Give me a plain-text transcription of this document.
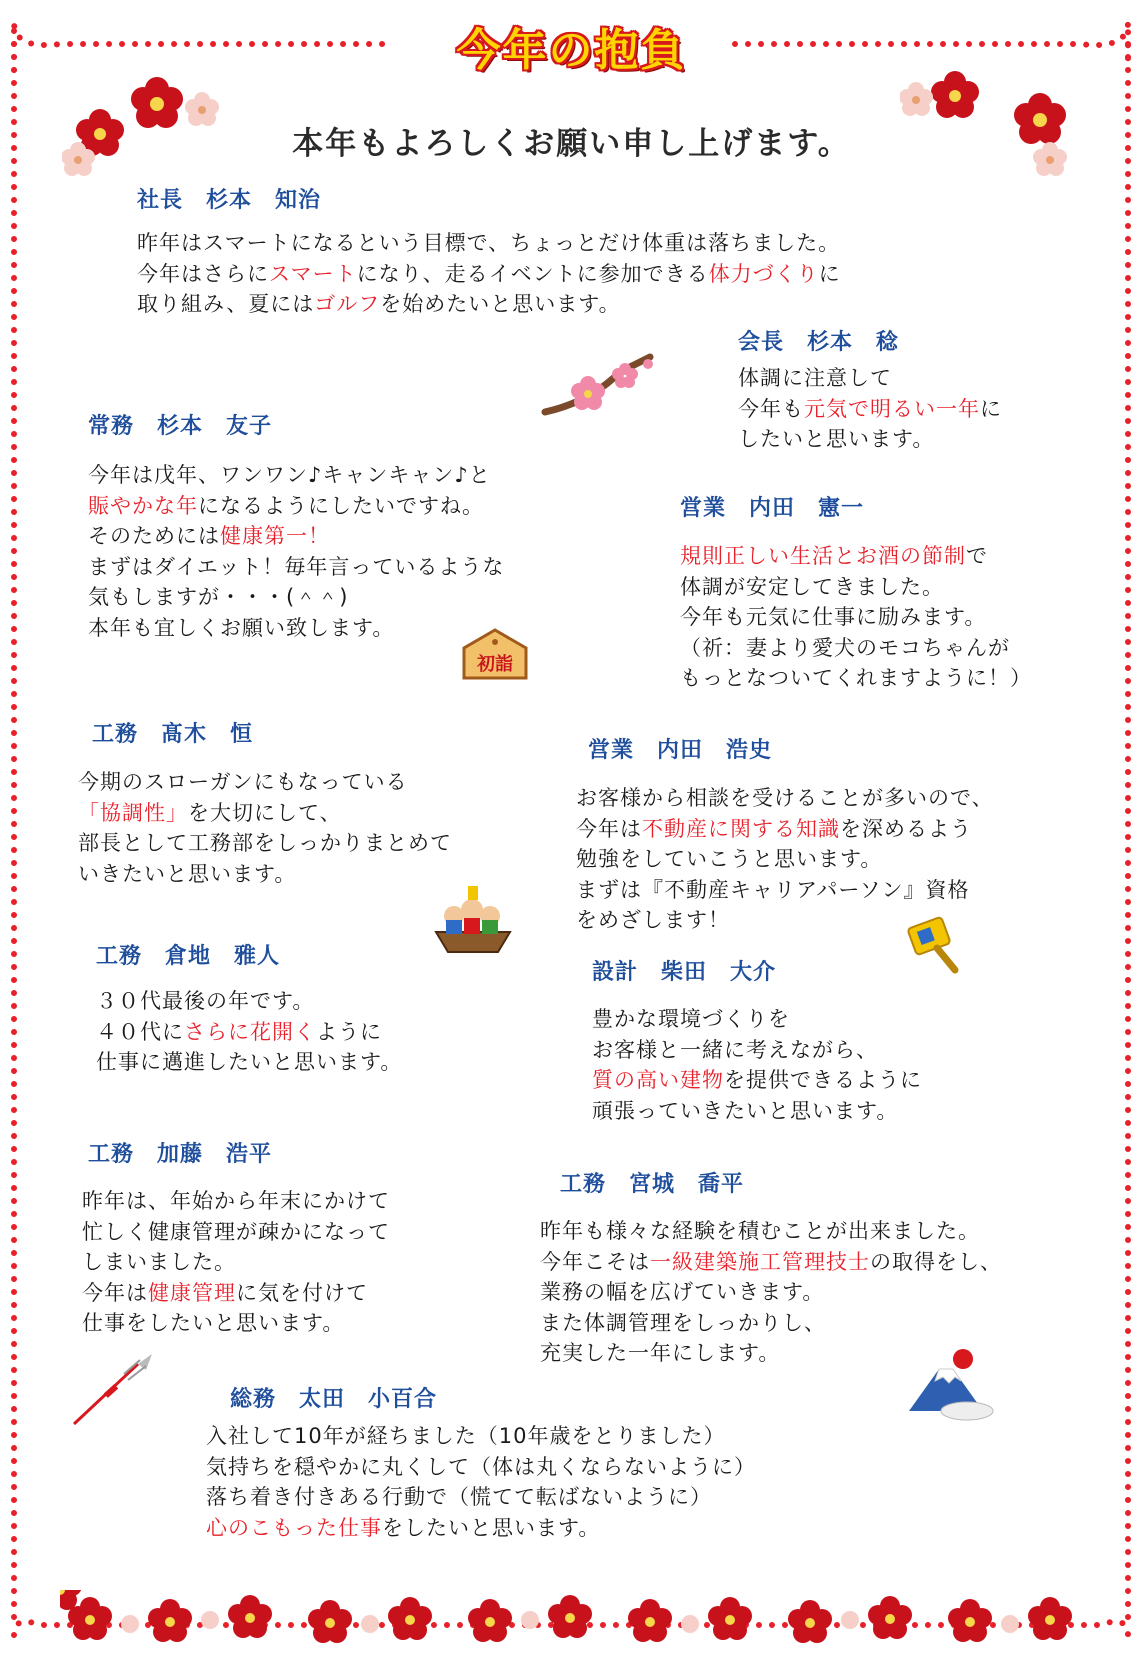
今年の抱負
本年もよろしくお願い申し上げます。
初詣
社長　杉本　知治
昨年はスマートになるという目標で、ちょっとだけ体重は落ちました。
今年はさらにスマートになり、走るイベントに参加できる体力づくりに
取り組み、夏にはゴルフを始めたいと思います。
会長　杉本　稔
体調に注意して
今年も元気で明るい一年に
したいと思います。
常務　杉本　友子
今年は戊年、ワンワン♪キャンキャン♪と
賑やかな年になるようにしたいですね。
そのためには健康第一！
まずはダイエット！毎年言っているような
気もしますが・・・(＾＾)
本年も宜しくお願い致します。
営業　内田　憲一
規則正しい生活とお酒の節制で
体調が安定してきました。
今年も元気に仕事に励みます。
（祈：妻より愛犬のモコちゃんが
もっとなついてくれますように！）
工務　髙木　恒
今期のスローガンにもなっている
「協調性」を大切にして、
部長として工務部をしっかりまとめて
いきたいと思います。
営業　内田　浩史
お客様から相談を受けることが多いので、
今年は不動産に関する知識を深めるよう
勉強をしていこうと思います。
まずは『不動産キャリアパーソン』資格
をめざします！
工務　倉地　雅人
３０代最後の年です。
４０代にさらに花開くように
仕事に邁進したいと思います。
設計　柴田　大介
豊かな環境づくりを
お客様と一緒に考えながら、
質の高い建物を提供できるように
頑張っていきたいと思います。
工務　加藤　浩平
昨年は、年始から年末にかけて
忙しく健康管理が疎かになって
しまいました。
今年は健康管理に気を付けて
仕事をしたいと思います。
工務　宮城　喬平
昨年も様々な経験を積むことが出来ました。
今年こそは一級建築施工管理技士の取得をし、
業務の幅を広げていきます。
また体調管理をしっかりし、
充実した一年にします。
総務　太田　小百合
入社して10年が経ちました（10年歳をとりました）
気持ちを穏やかに丸くして（体は丸くならないように）
落ち着き付きある行動で（慌てて転ばないように）
心のこもった仕事をしたいと思います。
